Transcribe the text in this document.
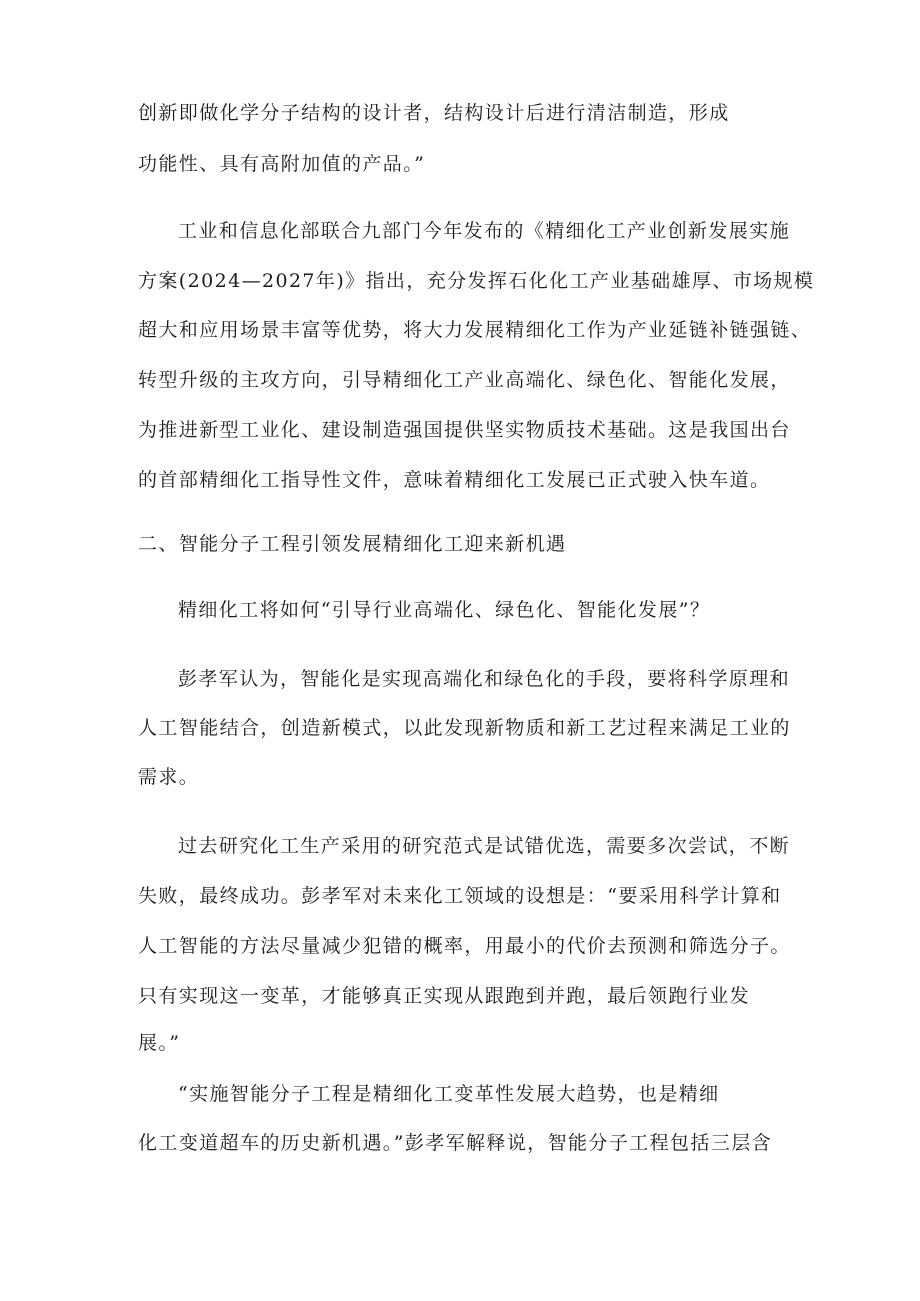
创新即做化学分子结构的设计者，结构设计后进行清洁制造，形成
功能性、具有高附加值的产品。”
工业和信息化部联合九部门今年发布的《精细化工产业创新发展实施
方案(2024—2027年)》指出，充分发挥石化化工产业基础雄厚、市场规模
超大和应用场景丰富等优势，将大力发展精细化工作为产业延链补链强链、
转型升级的主攻方向，引导精细化工产业高端化、绿色化、智能化发展，
为推进新型工业化、建设制造强国提供坚实物质技术基础。这是我国出台
的首部精细化工指导性文件，意味着精细化工发展已正式驶入快车道。
二、智能分子工程引领发展精细化工迎来新机遇
精细化工将如何“引导行业高端化、绿色化、智能化发展”？
彭孝军认为，智能化是实现高端化和绿色化的手段，要将科学原理和
人工智能结合，创造新模式，以此发现新物质和新工艺过程来满足工业的
需求。
过去研究化工生产采用的研究范式是试错优选，需要多次尝试，不断
失败，最终成功。彭孝军对未来化工领域的设想是：“要采用科学计算和
人工智能的方法尽量减少犯错的概率，用最小的代价去预测和筛选分子。
只有实现这一变革，才能够真正实现从跟跑到并跑，最后领跑行业发
展。”
“实施智能分子工程是精细化工变革性发展大趋势，也是精细
化工变道超车的历史新机遇。”彭孝军解释说，智能分子工程包括三层含
